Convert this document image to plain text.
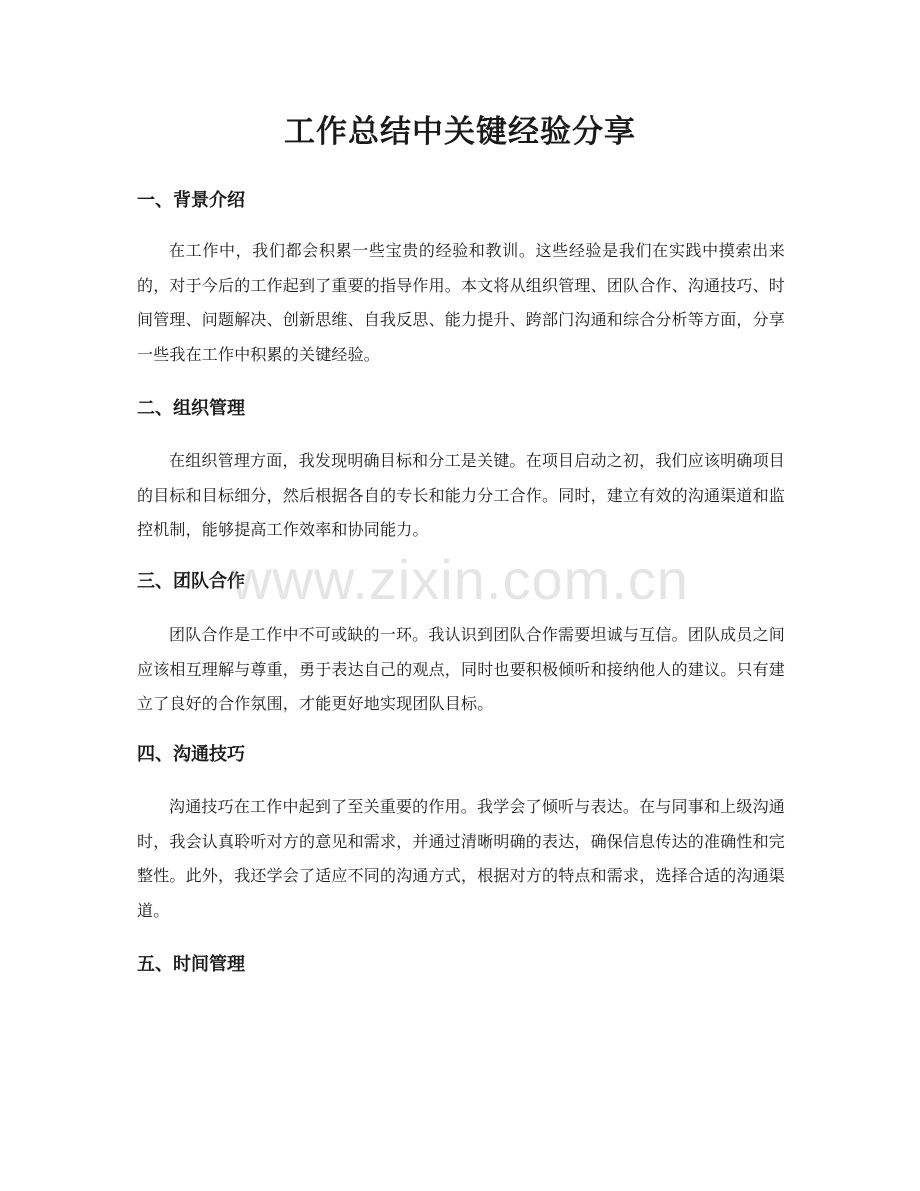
工作总结中关键经验分享
一、背景介绍

在工作中，我们都会积累一些宝贵的经验和教训。这些经验是我们在实践中摸索出来的，对于今后的工作起到了重要的指导作用。本文将从组织管理、团队合作、沟通技巧、时间管理、问题解决、创新思维、自我反思、能力提升、跨部门沟通和综合分析等方面，分享一些我在工作中积累的关键经验。

二、组织管理

在组织管理方面，我发现明确目标和分工是关键。在项目启动之初，我们应该明确项目的目标和目标细分，然后根据各自的专长和能力分工合作。同时，建立有效的沟通渠道和监控机制，能够提高工作效率和协同能力。

三、团队合作

团队合作是工作中不可或缺的一环。我认识到团队合作需要坦诚与互信。团队成员之间应该相互理解与尊重，勇于表达自己的观点，同时也要积极倾听和接纳他人的建议。只有建立了良好的合作氛围，才能更好地实现团队目标。

四、沟通技巧

沟通技巧在工作中起到了至关重要的作用。我学会了倾听与表达。在与同事和上级沟通时，我会认真聆听对方的意见和需求，并通过清晰明确的表达，确保信息传达的准确性和完整性。此外，我还学会了适应不同的沟通方式，根据对方的特点和需求，选择合适的沟通渠道。

五、时间管理
www.zixin.com.cn
